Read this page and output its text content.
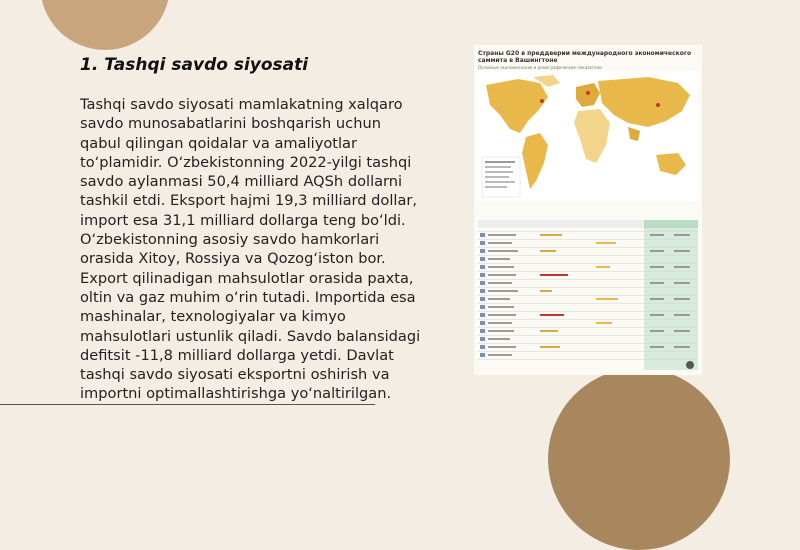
1. Tashqi savdo siyosati

Tashqi savdo siyosati mamlakatning xalqaro savdo munosabatlarini boshqarish uchun qabul qilingan qoidalar va amaliyotlar to‘plamidir. O‘zbekistonning 2022-yilgi tashqi savdo aylanmasi 50,4 milliard AQSh dollarni tashkil etdi. Eksport hajmi 19,3 milliard dollar, import esa 31,1 milliard dollarga teng bo‘ldi. O‘zbekistonning asosiy savdo hamkorlari orasida Xitoy, Rossiya va Qozog‘iston bor. Export qilinadigan mahsulotlar orasida paxta, oltin va gaz muhim o‘rin tutadi. Importida esa mashinalar, texnologiyalar va kimyo mahsulotlari ustunlik qiladi. Savdo balansidagi defitsit -11,8 milliard dollarga yetdi. Davlat tashqi savdo siyosati eksportni oshirish va importni optimallashtirishga yo‘naltirilgan.

Страны G20 в преддверии международного экономического саммита в Вашингтоне
Основные экономические и демографические показатели
